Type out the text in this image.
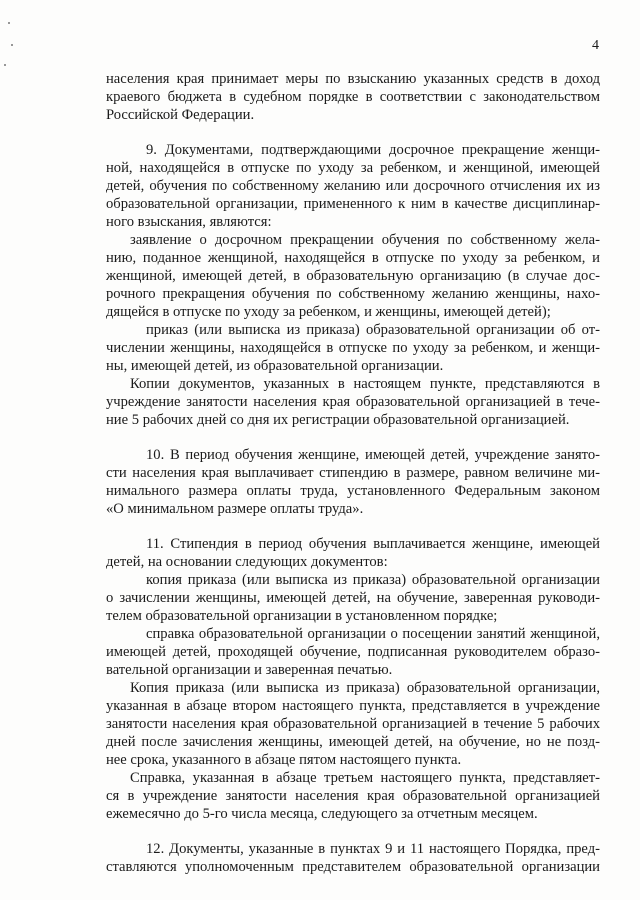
4
населения края принимает меры по взысканию указанных средств в доход
краевого бюджета в судебном порядке в соответствии с законодательством
Российской Федерации.
9. Документами, подтверждающими досрочное прекращение женщи-
ной, находящейся в отпуске по уходу за ребенком, и женщиной, имеющей
детей, обучения по собственному желанию или досрочного отчисления их из
образовательной организации, примененного к ним в качестве дисциплинар-
ного взыскания, являются:
заявление о досрочном прекращении обучения по собственному жела-
нию, поданное женщиной, находящейся в отпуске по уходу за ребенком, и
женщиной, имеющей детей, в образовательную организацию (в случае дос-
рочного прекращения обучения по собственному желанию женщины, нахо-
дящейся в отпуске по уходу за ребенком, и женщины, имеющей детей);
приказ (или выписка из приказа) образовательной организации об от-
числении женщины, находящейся в отпуске по уходу за ребенком, и женщи-
ны, имеющей детей, из образовательной организации.
Копии документов, указанных в настоящем пункте, представляются в
учреждение занятости населения края образовательной организацией в тече-
ние 5 рабочих дней со дня их регистрации образовательной организацией.
10. В период обучения женщине, имеющей детей, учреждение занято-
сти населения края выплачивает стипендию в размере, равном величине ми-
нимального размера оплаты труда, установленного Федеральным законом
«О минимальном размере оплаты труда».
11. Стипендия в период обучения выплачивается женщине, имеющей
детей, на основании следующих документов:
копия приказа (или выписка из приказа) образовательной организации
о зачислении женщины, имеющей детей, на обучение, заверенная руководи-
телем образовательной организации в установленном порядке;
справка образовательной организации о посещении занятий женщиной,
имеющей детей, проходящей обучение, подписанная руководителем образо-
вательной организации и заверенная печатью.
Копия приказа (или выписка из приказа) образовательной организации,
указанная в абзаце втором настоящего пункта, представляется в учреждение
занятости населения края образовательной организацией в течение 5 рабочих
дней после зачисления женщины, имеющей детей, на обучение, но не позд-
нее срока, указанного в абзаце пятом настоящего пункта.
Справка, указанная в абзаце третьем настоящего пункта, представляет-
ся в учреждение занятости населения края образовательной организацией
ежемесячно до 5-го числа месяца, следующего за отчетным месяцем.
12. Документы, указанные в пунктах 9 и 11 настоящего Порядка, пред-
ставляются уполномоченным представителем образовательной организации
